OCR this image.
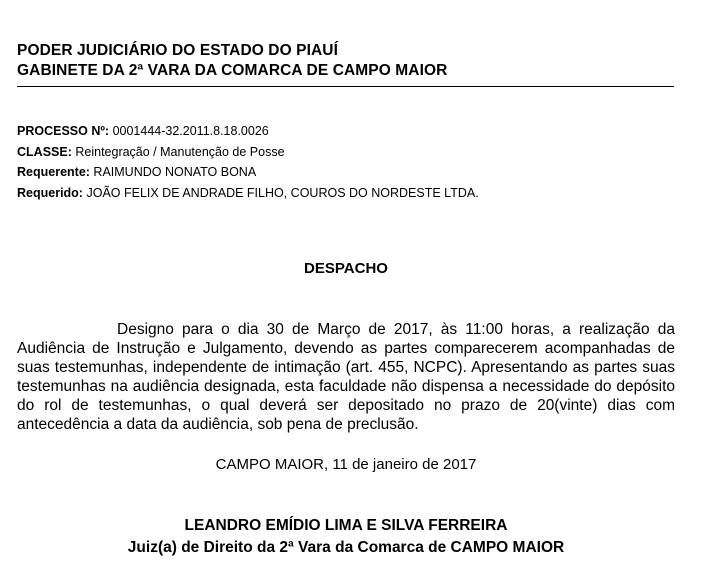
PODER JUDICIÁRIO DO ESTADO DO PIAUÍ
GABINETE DA 2ª VARA DA COMARCA DE CAMPO MAIOR
PROCESSO Nº: 0001444-32.2011.8.18.0026
CLASSE: Reintegração / Manutenção de Posse
Requerente: RAIMUNDO NONATO BONA
Requerido: JOÃO FELIX DE ANDRADE FILHO, COUROS DO NORDESTE LTDA.
DESPACHO
Designo para o dia 30 de Março de 2017, às 11:00 horas, a realização da Audiência de Instrução e Julgamento, devendo as partes comparecerem acompanhadas de suas testemunhas, independente de intimação (art. 455, NCPC). Apresentando as partes suas testemunhas na audiência designada, esta faculdade não dispensa a necessidade do depósito do rol de testemunhas, o qual deverá ser depositado no prazo de 20(vinte) dias com antecedência a data da audiência, sob pena de preclusão.
CAMPO MAIOR, 11 de janeiro de 2017
LEANDRO EMÍDIO LIMA E SILVA FERREIRA
Juiz(a) de Direito da 2ª Vara da Comarca de CAMPO MAIOR
